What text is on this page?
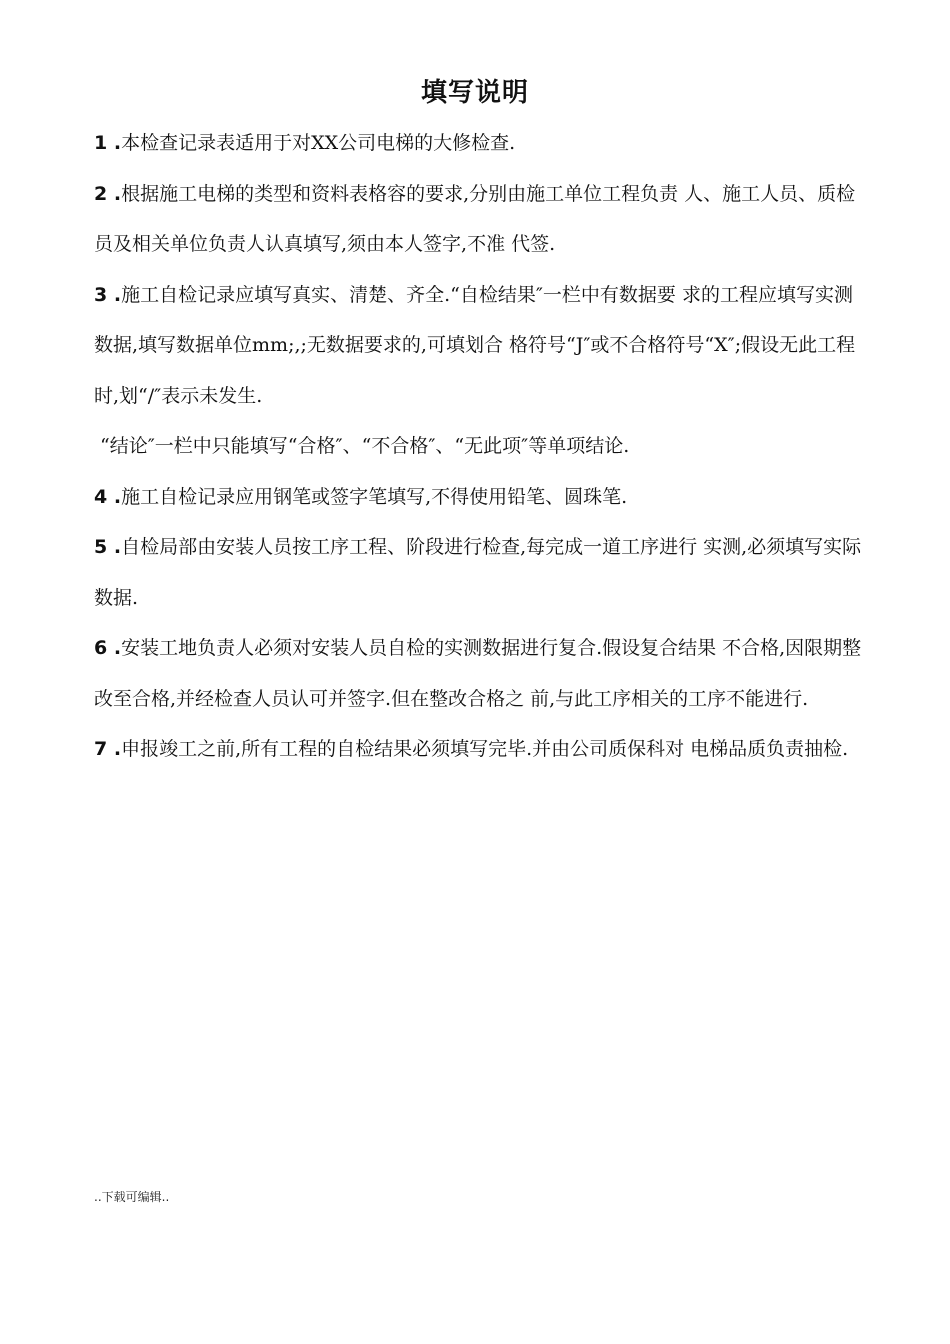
填写说明

1 .本检查记录表适用于对XX公司电梯的大修检查.

2 .根据施工电梯的类型和资料表格容的要求,分别由施工单位工程负责 人、施工人员、质检员及相关单位负责人认真填写,须由本人签字,不准 代签.

3 .施工自检记录应填写真实、清楚、齐全.“自检结果″一栏中有数据要 求的工程应填写实测数据,填写数据单位mm;,;无数据要求的,可填划合 格符号“J″或不合格符号“X″;假设无此工程时,划“/″表示未发生.

“结论″一栏中只能填写“合格″、“不合格″、“无此项″等单项结论.

4 .施工自检记录应用钢笔或签字笔填写,不得使用铅笔、圆珠笔.

5 .自检局部由安装人员按工序工程、阶段进行检查,每完成一道工序进行 实测,必须填写实际数据.

6 .安装工地负责人必须对安装人员自检的实测数据进行复合.假设复合结果 不合格,因限期整改至合格,并经检查人员认可并签字.但在整改合格之 前,与此工序相关的工序不能进行.

7 .申报竣工之前,所有工程的自检结果必须填写完毕.并由公司质保科对 电梯品质负责抽检.

..下载可编辑..
